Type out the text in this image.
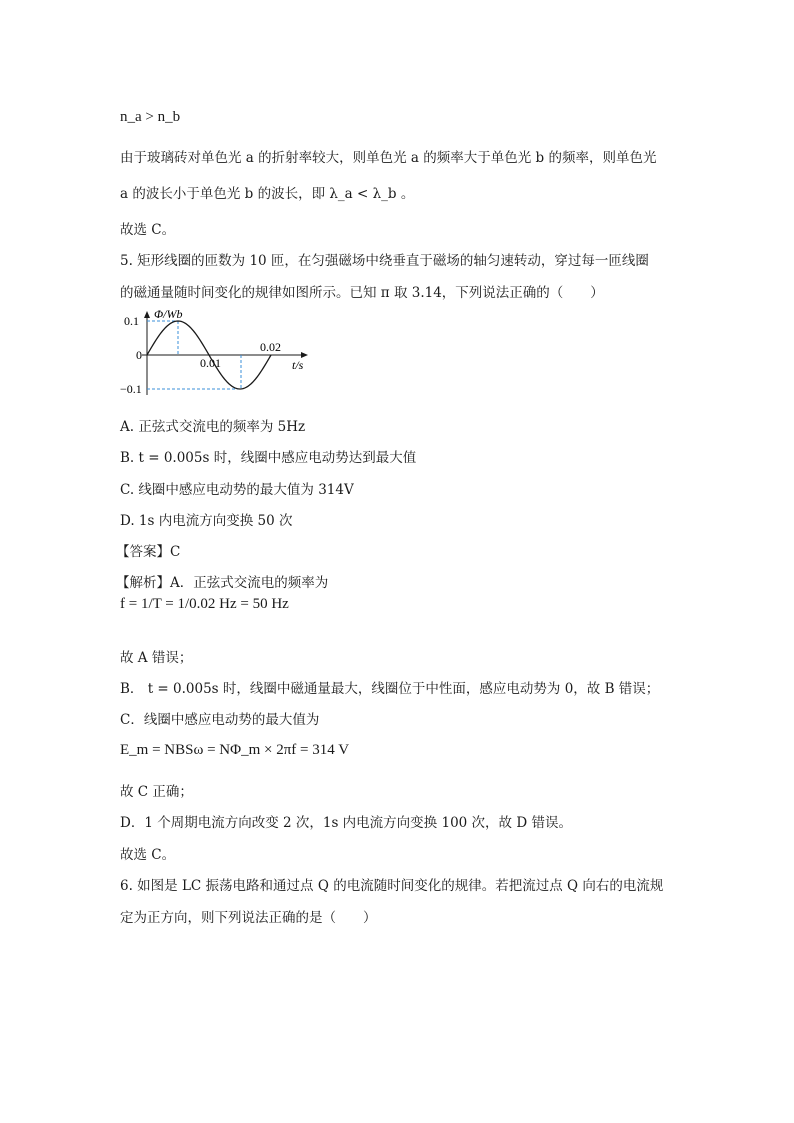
n_a > n_b
由于玻璃砖对单色光 a 的折射率较大，则单色光 a 的频率大于单色光 b 的频率，则单色光
a 的波长小于单色光 b 的波长，即 λ_a < λ_b 。
故选 C。
5. 矩形线圈的匝数为 10 匝，在匀强磁场中绕垂直于磁场的轴匀速转动，穿过每一匝线圈
的磁通量随时间变化的规律如图所示。已知 π 取 3.14，下列说法正确的（　　）
Φ/Wb
t/s
0
0.1
−0.1
0.01
0.02
A. 正弦式交流电的频率为 5Hz
B. t = 0.005s 时，线圈中感应电动势达到最大值
C. 线圈中感应电动势的最大值为 314V
D. 1s 内电流方向变换 50 次
【答案】C
【解析】A．正弦式交流电的频率为
f = 1/T = 1/0.02 Hz = 50 Hz
故 A 错误；
B． t = 0.005s 时，线圈中磁通量最大，线圈位于中性面，感应电动势为 0，故 B 错误；
C．线圈中感应电动势的最大值为
E_m = NBSω = NΦ_m × 2πf = 314 V
故 C 正确；
D．1 个周期电流方向改变 2 次，1s 内电流方向变换 100 次，故 D 错误。
故选 C。
6. 如图是 LC 振荡电路和通过点 Q 的电流随时间变化的规律。若把流过点 Q 向右的电流规
定为正方向，则下列说法正确的是（　　）
